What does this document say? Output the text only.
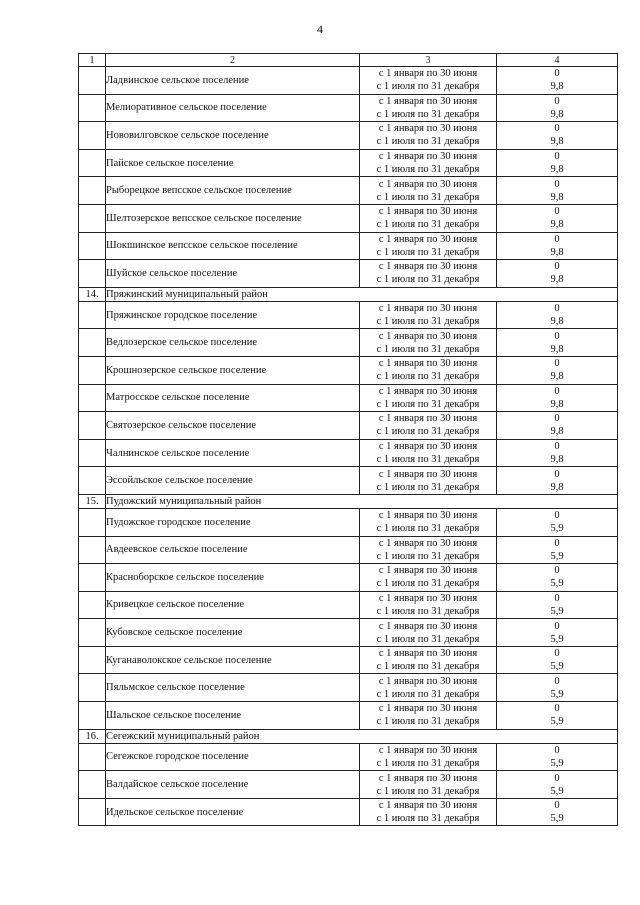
4
1	2	3	4
	Ладвинское сельское поселение	с 1 января по 30 июня
с 1 июля по 31 декабря	0
9,8

	Мелиоративное сельское поселение	с 1 января по 30 июня
с 1 июля по 31 декабря	0
9,8

	Нововилговское сельское поселение	с 1 января по 30 июня
с 1 июля по 31 декабря	0
9,8

	Пайское сельское поселение	с 1 января по 30 июня
с 1 июля по 31 декабря	0
9,8

	Рыборецкое вепсское сельское поселение	с 1 января по 30 июня
с 1 июля по 31 декабря	0
9,8

	Шелтозерское вепсское сельское поселение	с 1 января по 30 июня
с 1 июля по 31 декабря	0
9,8

	Шокшинское вепсское сельское поселение	с 1 января по 30 июня
с 1 июля по 31 декабря	0
9,8

	Шуйское сельское поселение	с 1 января по 30 июня
с 1 июля по 31 декабря	0
9,8

14.	Пряжинский муниципальный район		
	Пряжинское городское поселение	с 1 января по 30 июня
с 1 июля по 31 декабря	0
9,8

	Ведлозерское сельское поселение	с 1 января по 30 июня
с 1 июля по 31 декабря	0
9,8

	Крошнозерское сельское поселение	с 1 января по 30 июня
с 1 июля по 31 декабря	0
9,8

	Матросское сельское поселение	с 1 января по 30 июня
с 1 июля по 31 декабря	0
9,8

	Святозерское сельское поселение	с 1 января по 30 июня
с 1 июля по 31 декабря	0
9,8

	Чалнинское сельское поселение	с 1 января по 30 июня
с 1 июля по 31 декабря	0
9,8

	Эссойльское сельское поселение	с 1 января по 30 июня
с 1 июля по 31 декабря	0
9,8

15.	Пудожский муниципальный район		
	Пудожское городское поселение	с 1 января по 30 июня
с 1 июля по 31 декабря	0
5,9

	Авдеевское сельское поселение	с 1 января по 30 июня
с 1 июля по 31 декабря	0
5,9

	Красноборское сельское поселение	с 1 января по 30 июня
с 1 июля по 31 декабря	0
5,9

	Кривецкое сельское поселение	с 1 января по 30 июня
с 1 июля по 31 декабря	0
5,9

	Кубовское сельское поселение	с 1 января по 30 июня
с 1 июля по 31 декабря	0
5,9

	Куганаволокское сельское поселение	с 1 января по 30 июня
с 1 июля по 31 декабря	0
5,9

	Пяльмское сельское поселение	с 1 января по 30 июня
с 1 июля по 31 декабря	0
5,9

	Шальское сельское поселение	с 1 января по 30 июня
с 1 июля по 31 декабря	0
5,9

16.	Сегежский муниципальный район		
	Сегежское городское поселение	с 1 января по 30 июня
с 1 июля по 31 декабря	0
5,9

	Валдайское сельское поселение	с 1 января по 30 июня
с 1 июля по 31 декабря	0
5,9

	Идельское сельское поселение	с 1 января по 30 июня
с 1 июля по 31 декабря	0
5,9
